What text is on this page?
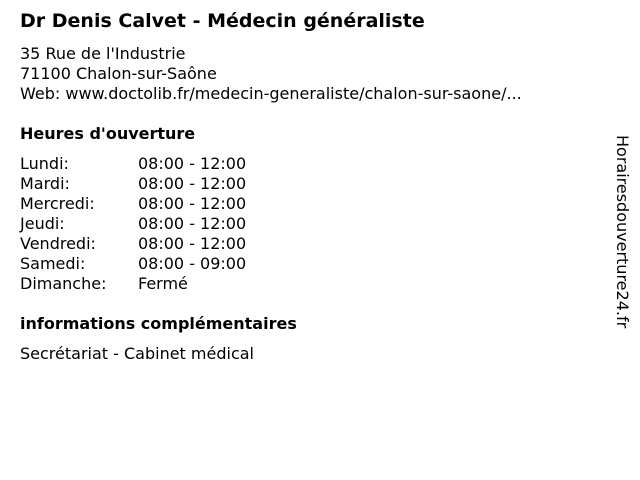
Dr Denis Calvet - Médecin généraliste
35 Rue de l'Industrie
71100 Chalon-sur-Saône
Web: www.doctolib.fr/medecin-generaliste/chalon-sur-saone/...
Heures d'ouverture
Lundi:	08:00 - 12:00
Mardi:	08:00 - 12:00
Mercredi:	08:00 - 12:00
Jeudi:	08:00 - 12:00
Vendredi:	08:00 - 12:00
Samedi:	08:00 - 09:00
Dimanche:	Fermé
informations complémentaires
Secrétariat - Cabinet médical
Horairesdouverture24.fr
